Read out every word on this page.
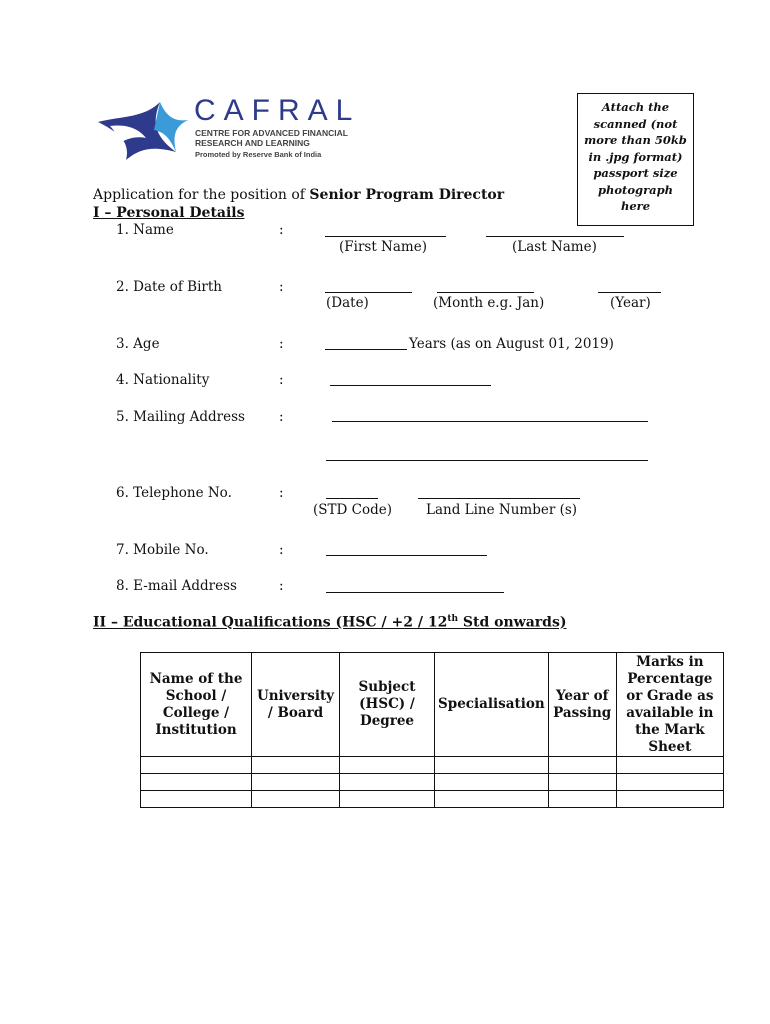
CAFRAL
CENTRE FOR ADVANCED FINANCIAL
RESEARCH AND LEARNING
Promoted by Reserve Bank of India
Attach the
scanned (not
more than 50kb
in .jpg format)
passport size
photograph
here
Application for the position of Senior Program Director
I – Personal Details
1. Name	:
(First Name)	(Last Name)
2. Date of Birth	:
(Date)	(Month e.g. Jan)	(Year)
3. Age	:	Years (as on August 01, 2019)
4. Nationality	:
5. Mailing Address	:
6. Telephone No.	:
(STD Code)	Land Line Number (s)
7. Mobile No.	:
8. E-mail Address	:
II – Educational Qualifications (HSC / +2 / 12th Std onwards)
Name of the School / College / Institution	University / Board	Subject (HSC) / Degree	Specialisation	Year of Passing	Marks in Percentage or Grade as available in the Mark Sheet
